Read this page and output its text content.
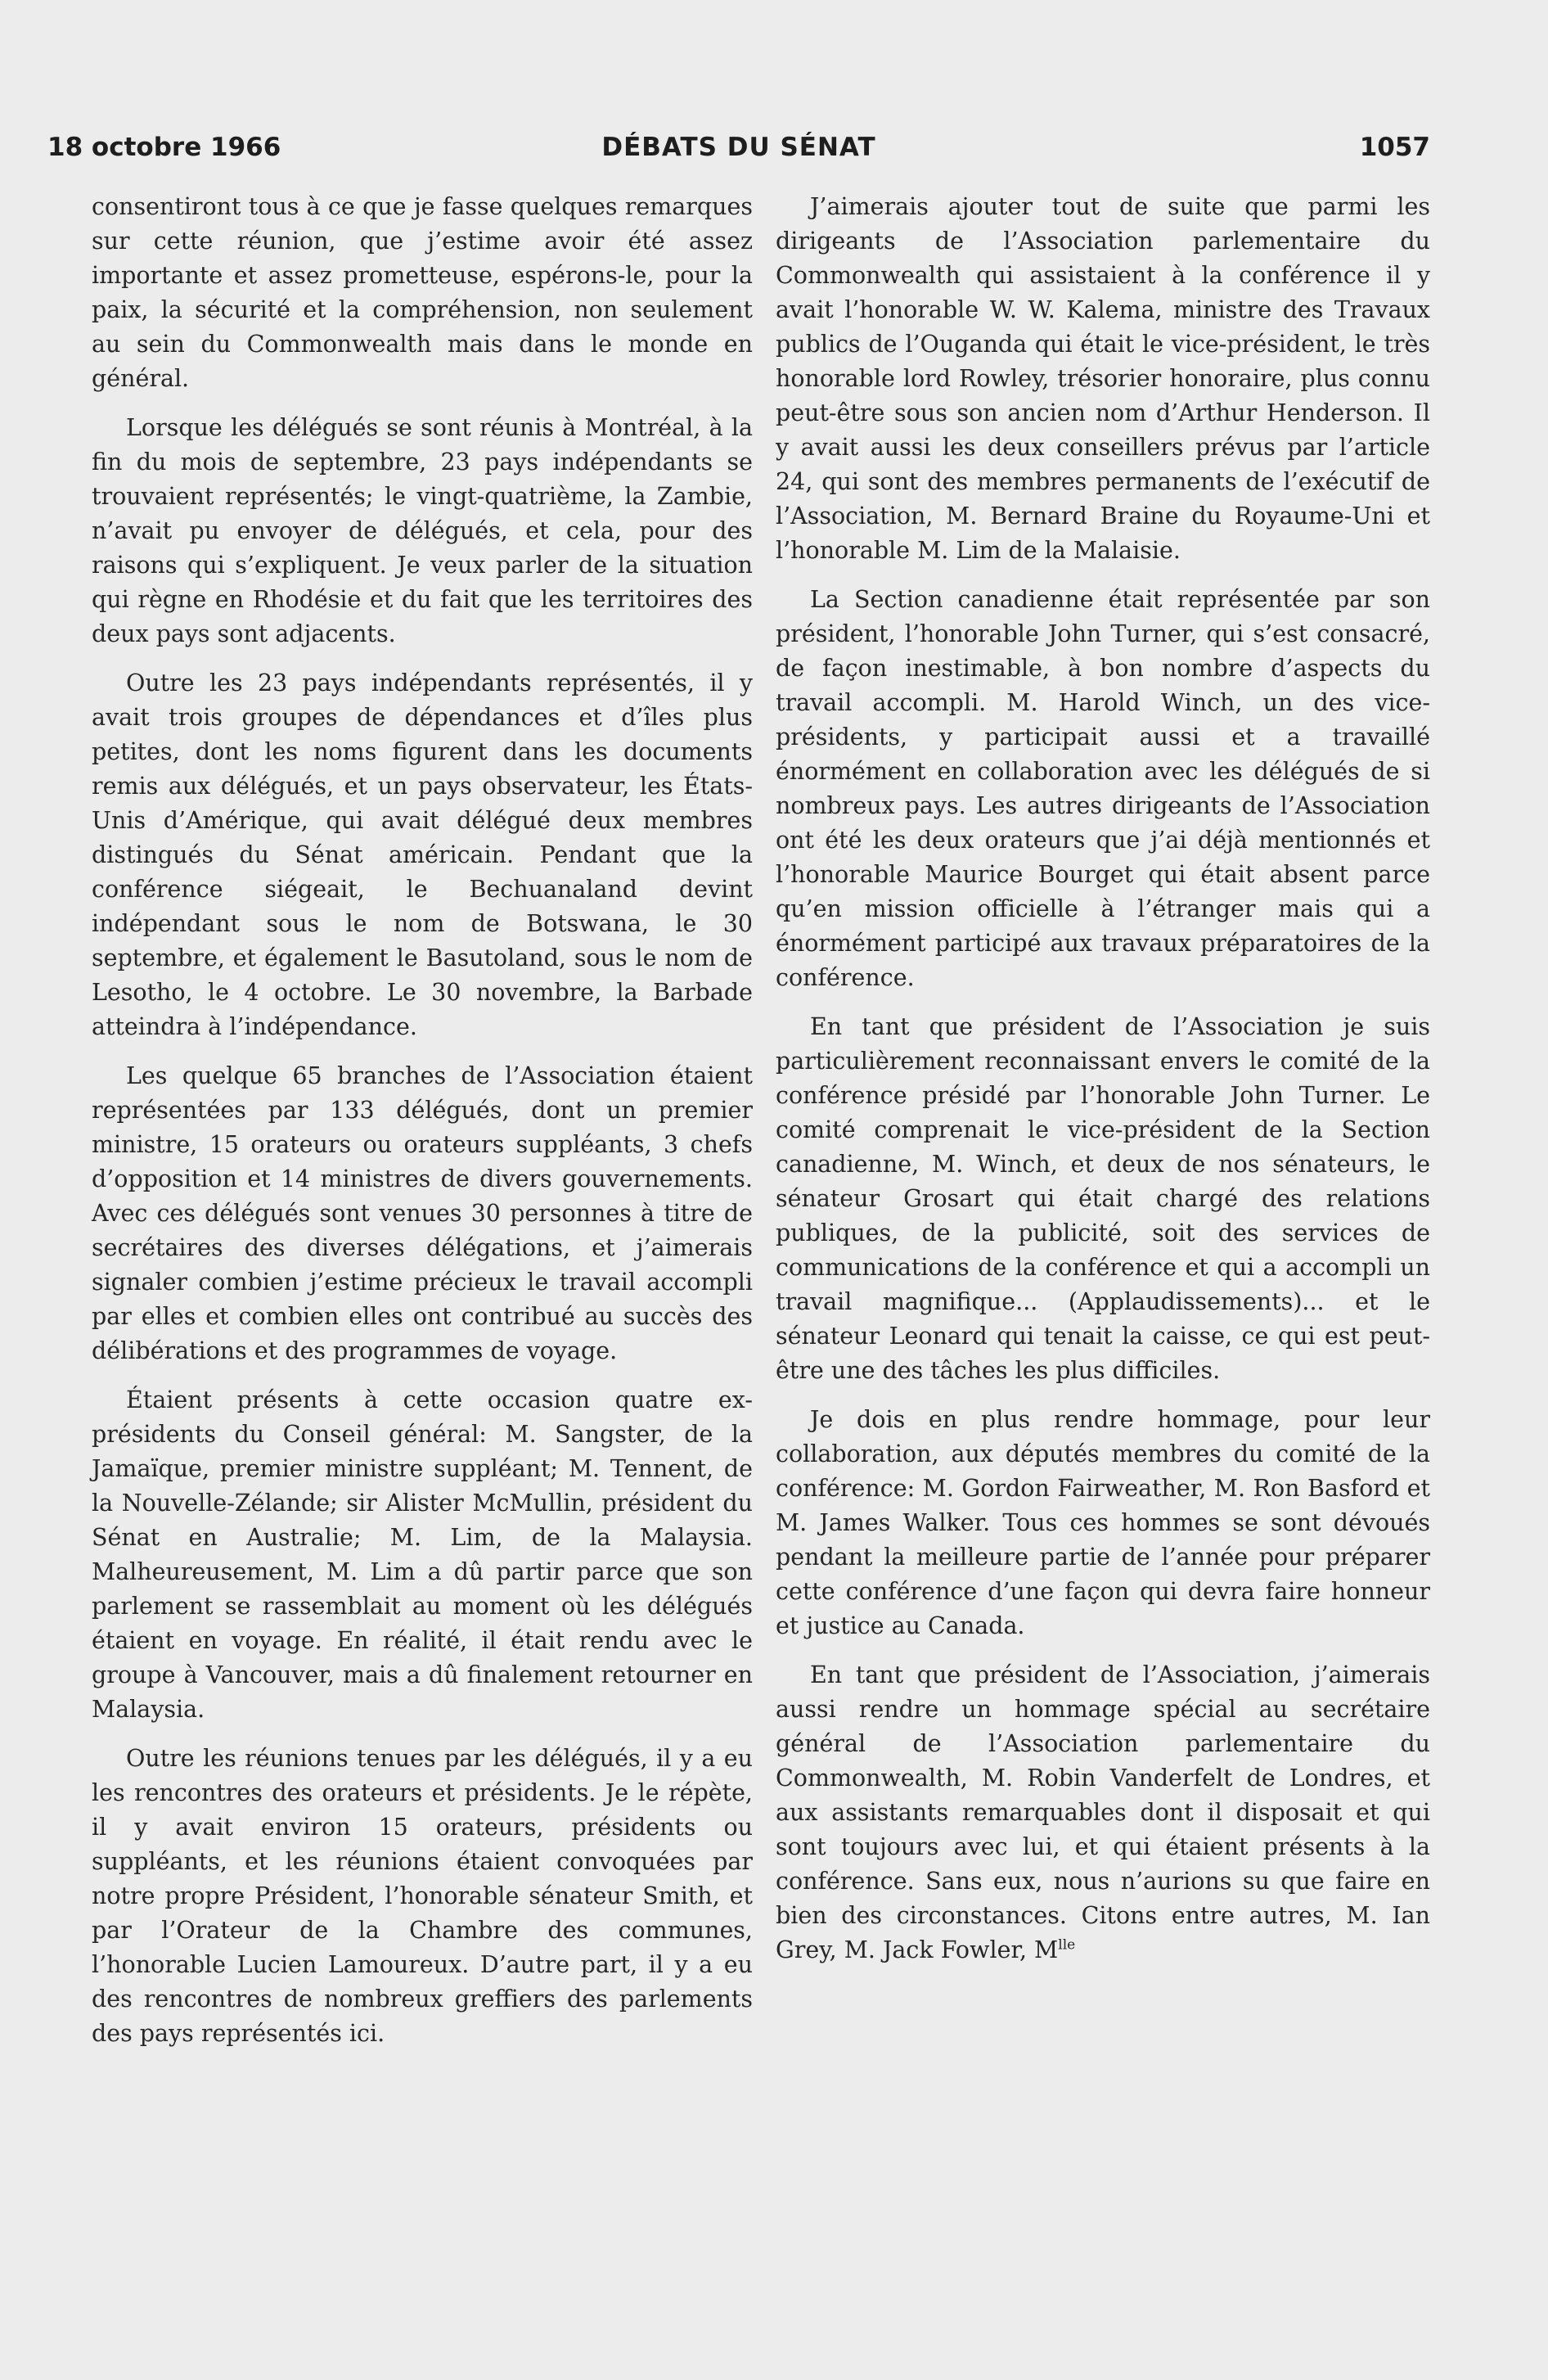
18 octobre 1966	DÉBATS DU SÉNAT	1057

consentiront tous à ce que je fasse quelques remarques sur cette réunion, que j’estime avoir été assez importante et assez prometteuse, espérons-le, pour la paix, la sécurité et la compréhension, non seulement au sein du Commonwealth mais dans le monde en général.

Lorsque les délégués se sont réunis à Montréal, à la fin du mois de septembre, 23 pays indépendants se trouvaient représentés; le vingt-quatrième, la Zambie, n’avait pu envoyer de délégués, et cela, pour des raisons qui s’expliquent. Je veux parler de la situation qui règne en Rhodésie et du fait que les territoires des deux pays sont adjacents.

Outre les 23 pays indépendants représentés, il y avait trois groupes de dépendances et d’îles plus petites, dont les noms figurent dans les documents remis aux délégués, et un pays observateur, les États-Unis d’Amérique, qui avait délégué deux membres distingués du Sénat américain. Pendant que la conférence siégeait, le Bechuanaland devint indépendant sous le nom de Botswana, le 30 septembre, et également le Basutoland, sous le nom de Lesotho, le 4 octobre. Le 30 novembre, la Barbade atteindra à l’indépendance.

Les quelque 65 branches de l’Association étaient représentées par 133 délégués, dont un premier ministre, 15 orateurs ou orateurs suppléants, 3 chefs d’opposition et 14 ministres de divers gouvernements. Avec ces délégués sont venues 30 personnes à titre de secrétaires des diverses délégations, et j’aimerais signaler combien j’estime précieux le travail accompli par elles et combien elles ont contribué au succès des délibérations et des programmes de voyage.

Étaient présents à cette occasion quatre ex-présidents du Conseil général: M. Sangster, de la Jamaïque, premier ministre suppléant; M. Tennent, de la Nouvelle-Zélande; sir Alister McMullin, président du Sénat en Australie; M. Lim, de la Malaysia. Malheureusement, M. Lim a dû partir parce que son parlement se rassemblait au moment où les délégués étaient en voyage. En réalité, il était rendu avec le groupe à Vancouver, mais a dû finalement retourner en Malaysia.

Outre les réunions tenues par les délégués, il y a eu les rencontres des orateurs et présidents. Je le répète, il y avait environ 15 orateurs, présidents ou suppléants, et les réunions étaient convoquées par notre propre Président, l’honorable sénateur Smith, et par l’Orateur de la Chambre des communes, l’honorable Lucien Lamoureux. D’autre part, il y a eu des rencontres de nombreux greffiers des parlements des pays représentés ici.

J’aimerais ajouter tout de suite que parmi les dirigeants de l’Association parlementaire du Commonwealth qui assistaient à la conférence il y avait l’honorable W. W. Kalema, ministre des Travaux publics de l’Ouganda qui était le vice-président, le très honorable lord Rowley, trésorier honoraire, plus connu peut-être sous son ancien nom d’Arthur Henderson. Il y avait aussi les deux conseillers prévus par l’article 24, qui sont des membres permanents de l’exécutif de l’Association, M. Bernard Braine du Royaume-Uni et l’honorable M. Lim de la Malaisie.

La Section canadienne était représentée par son président, l’honorable John Turner, qui s’est consacré, de façon inestimable, à bon nombre d’aspects du travail accompli. M. Harold Winch, un des vice-présidents, y participait aussi et a travaillé énormément en collaboration avec les délégués de si nombreux pays. Les autres dirigeants de l’Association ont été les deux orateurs que j’ai déjà mentionnés et l’honorable Maurice Bourget qui était absent parce qu’en mission officielle à l’étranger mais qui a énormément participé aux travaux préparatoires de la conférence.

En tant que président de l’Association je suis particulièrement reconnaissant envers le comité de la conférence présidé par l’honorable John Turner. Le comité comprenait le vice-président de la Section canadienne, M. Winch, et deux de nos sénateurs, le sénateur Grosart qui était chargé des relations publiques, de la publicité, soit des services de communications de la conférence et qui a accompli un travail magnifique... (Applaudissements)... et le sénateur Leonard qui tenait la caisse, ce qui est peut-être une des tâches les plus difficiles.

Je dois en plus rendre hommage, pour leur collaboration, aux députés membres du comité de la conférence: M. Gordon Fairweather, M. Ron Basford et M. James Walker. Tous ces hommes se sont dévoués pendant la meilleure partie de l’année pour préparer cette conférence d’une façon qui devra faire honneur et justice au Canada.

En tant que président de l’Association, j’aimerais aussi rendre un hommage spécial au secrétaire général de l’Association parlementaire du Commonwealth, M. Robin Vanderfelt de Londres, et aux assistants remarquables dont il disposait et qui sont toujours avec lui, et qui étaient présents à la conférence. Sans eux, nous n’aurions su que faire en bien des circonstances. Citons entre autres, M. Ian Grey, M. Jack Fowler, $M^{lle}$
